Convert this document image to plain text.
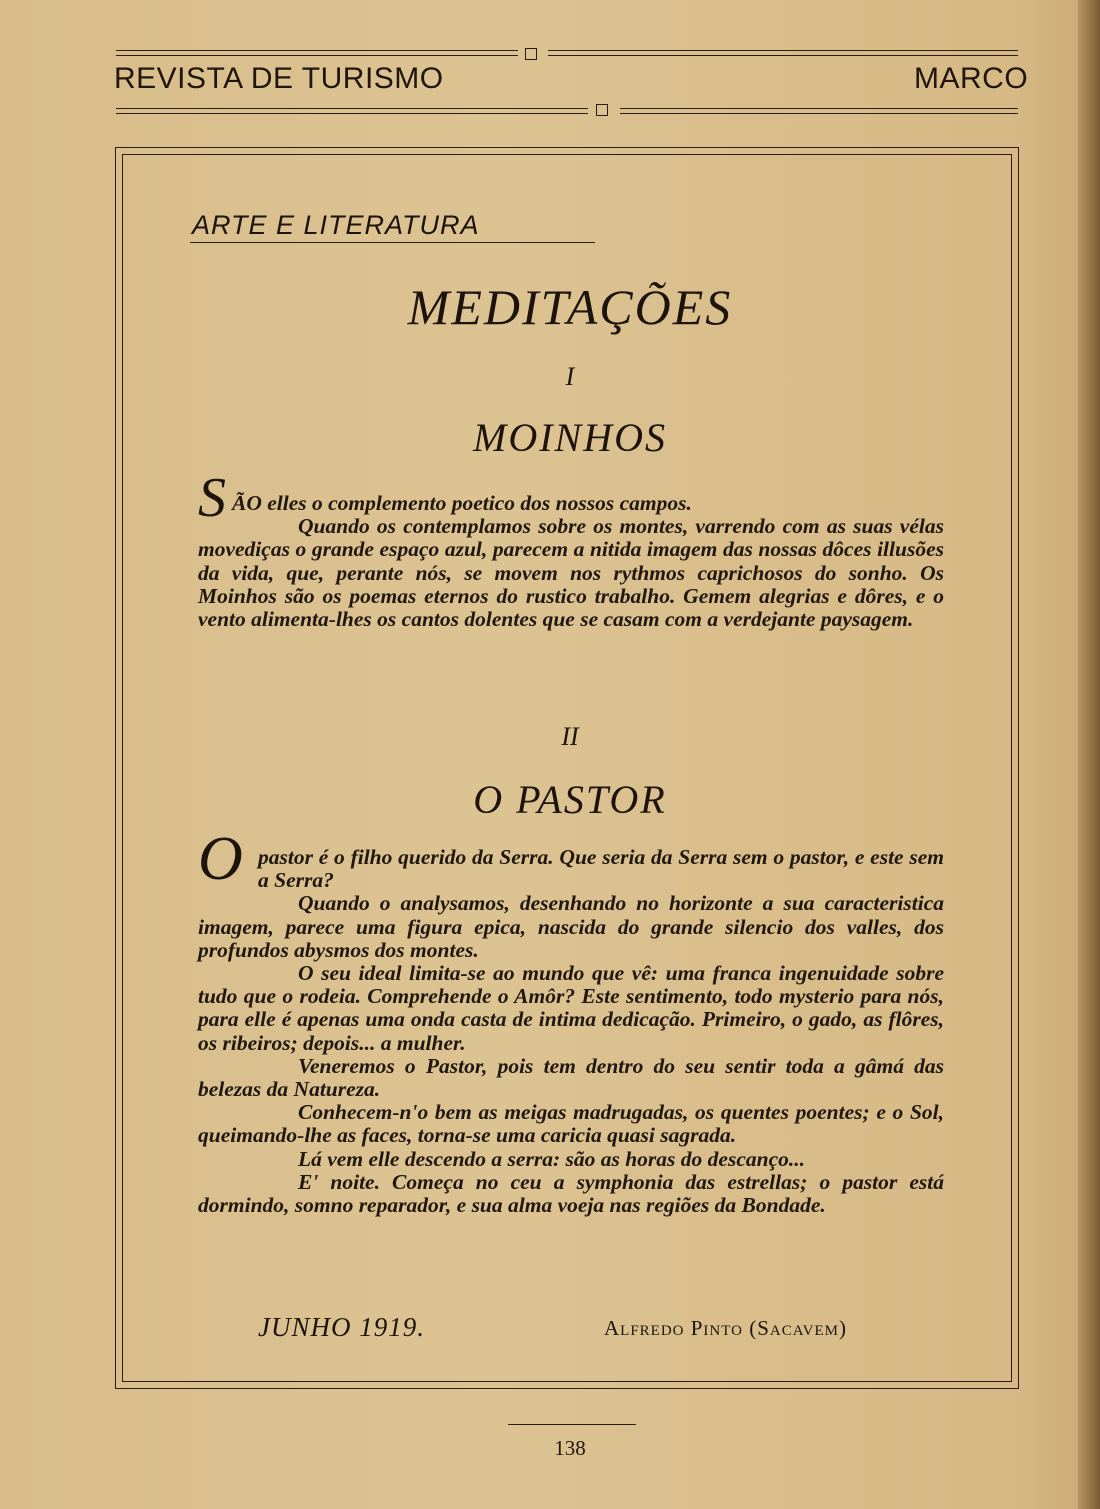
REVISTA DE TURISMO	MARCO
ARTE E LITERATURA
MEDITAÇÕES
I
MOINHOS
S ÃO elles o complemento poetico dos nossos campos.

Quando os contemplamos sobre os montes, varrendo com as suas vélas movediças o grande espaço azul, parecem a nitida imagem das nossas dôces illusões da vida, que, perante nós, se movem nos rythmos caprichosos do sonho. Os Moinhos são os poemas eternos do rustico trabalho. Gemem alegrias e dôres, e o vento alimenta-lhes os cantos dolentes que se casam com a verdejante paysagem.

II
O PASTOR
O pastor é o filho querido da Serra. Que seria da Serra sem o pastor, e este sem a Serra?

Quando o analysamos, desenhando no horizonte a sua caracteristica imagem, parece uma figura epica, nascida do grande silencio dos valles, dos profundos abysmos dos montes.

O seu ideal limita-se ao mundo que vê: uma franca ingenuidade sobre tudo que o rodeia. Comprehende o Amôr? Este sentimento, todo mysterio para nós, para elle é apenas uma onda casta de intima dedicação. Primeiro, o gado, as flôres, os ribeiros; depois... a mulher.

Veneremos o Pastor, pois tem dentro do seu sentir toda a gâmá das belezas da Natureza.

Conhecem-n'o bem as meigas madrugadas, os quentes poentes; e o Sol, queimando-lhe as faces, torna-se uma caricia quasi sagrada.

Lá vem elle descendo a serra: são as horas do descanço...

E' noite. Começa no ceu a symphonia das estrellas; o pastor está dormindo, somno reparador, e sua alma voeja nas regiões da Bondade.

JUNHO 1919.	Alfredo Pinto (Sacavem)
138
